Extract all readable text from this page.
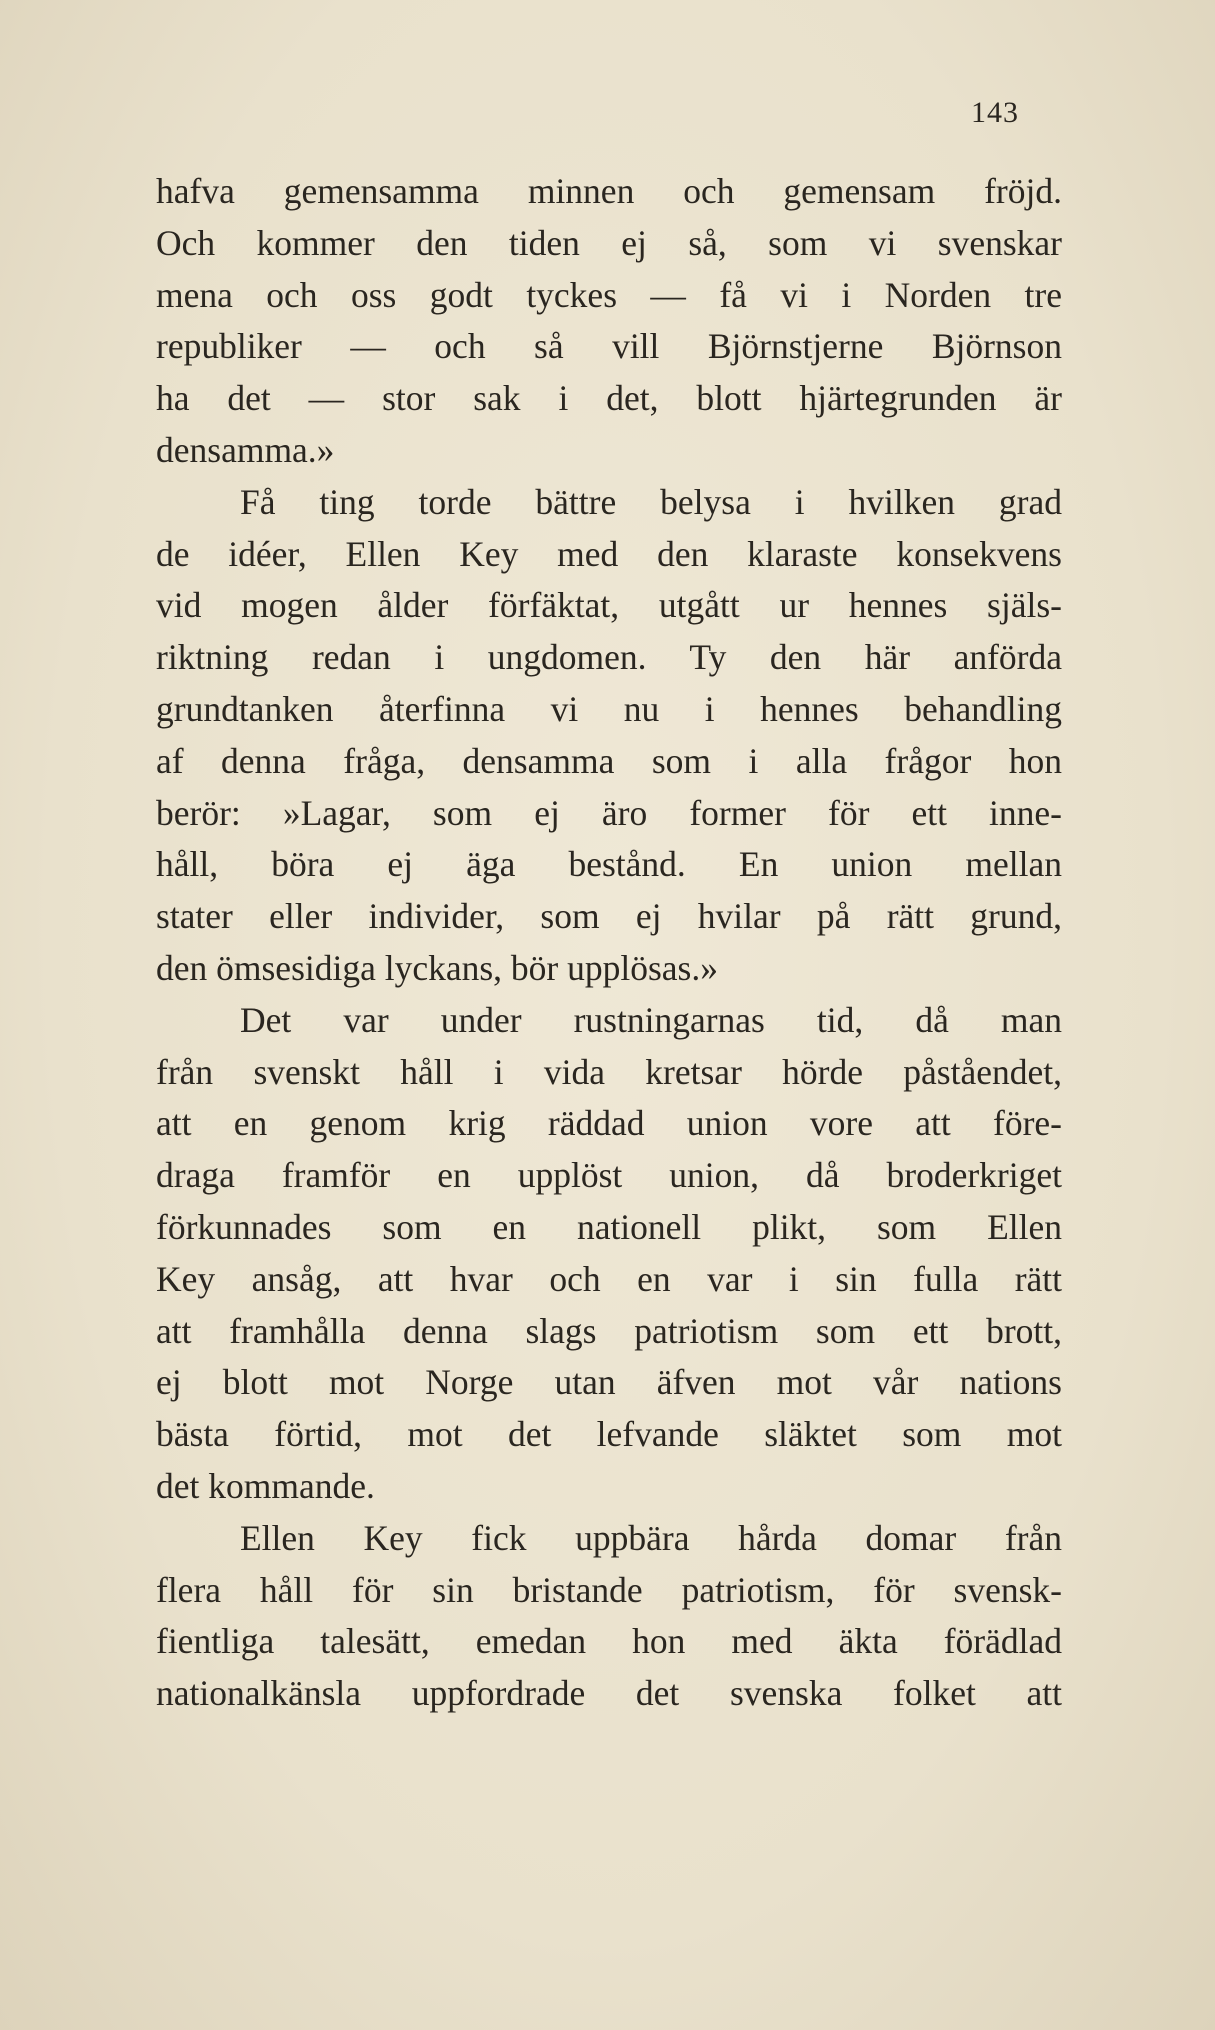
143
hafva gemensamma minnen och gemensam fröjd.
Och kommer den tiden ej så, som vi svenskar
mena och oss godt tyckes — få vi i Norden tre
republiker — och så vill Björnstjerne Björnson
ha det — stor sak i det, blott hjärtegrunden är
densamma.»
Få ting torde bättre belysa i hvilken grad
de idéer, Ellen Key med den klaraste konsekvens
vid mogen ålder förfäktat, utgått ur hennes själs-
riktning redan i ungdomen. Ty den här anförda
grundtanken återfinna vi nu i hennes behandling
af denna fråga, densamma som i alla frågor hon
berör: »Lagar, som ej äro former för ett inne-
håll, böra ej äga bestånd. En union mellan
stater eller individer, som ej hvilar på rätt grund,
den ömsesidiga lyckans, bör upplösas.»
Det var under rustningarnas tid, då man
från svenskt håll i vida kretsar hörde påståendet,
att en genom krig räddad union vore att före-
draga framför en upplöst union, då broderkriget
förkunnades som en nationell plikt, som Ellen
Key ansåg, att hvar och en var i sin fulla rätt
att framhålla denna slags patriotism som ett brott,
ej blott mot Norge utan äfven mot vår nations
bästa förtid, mot det lefvande släktet som mot
det kommande.
Ellen Key fick uppbära hårda domar från
flera håll för sin bristande patriotism, för svensk-
fientliga talesätt, emedan hon med äkta förädlad
nationalkänsla uppfordrade det svenska folket att
